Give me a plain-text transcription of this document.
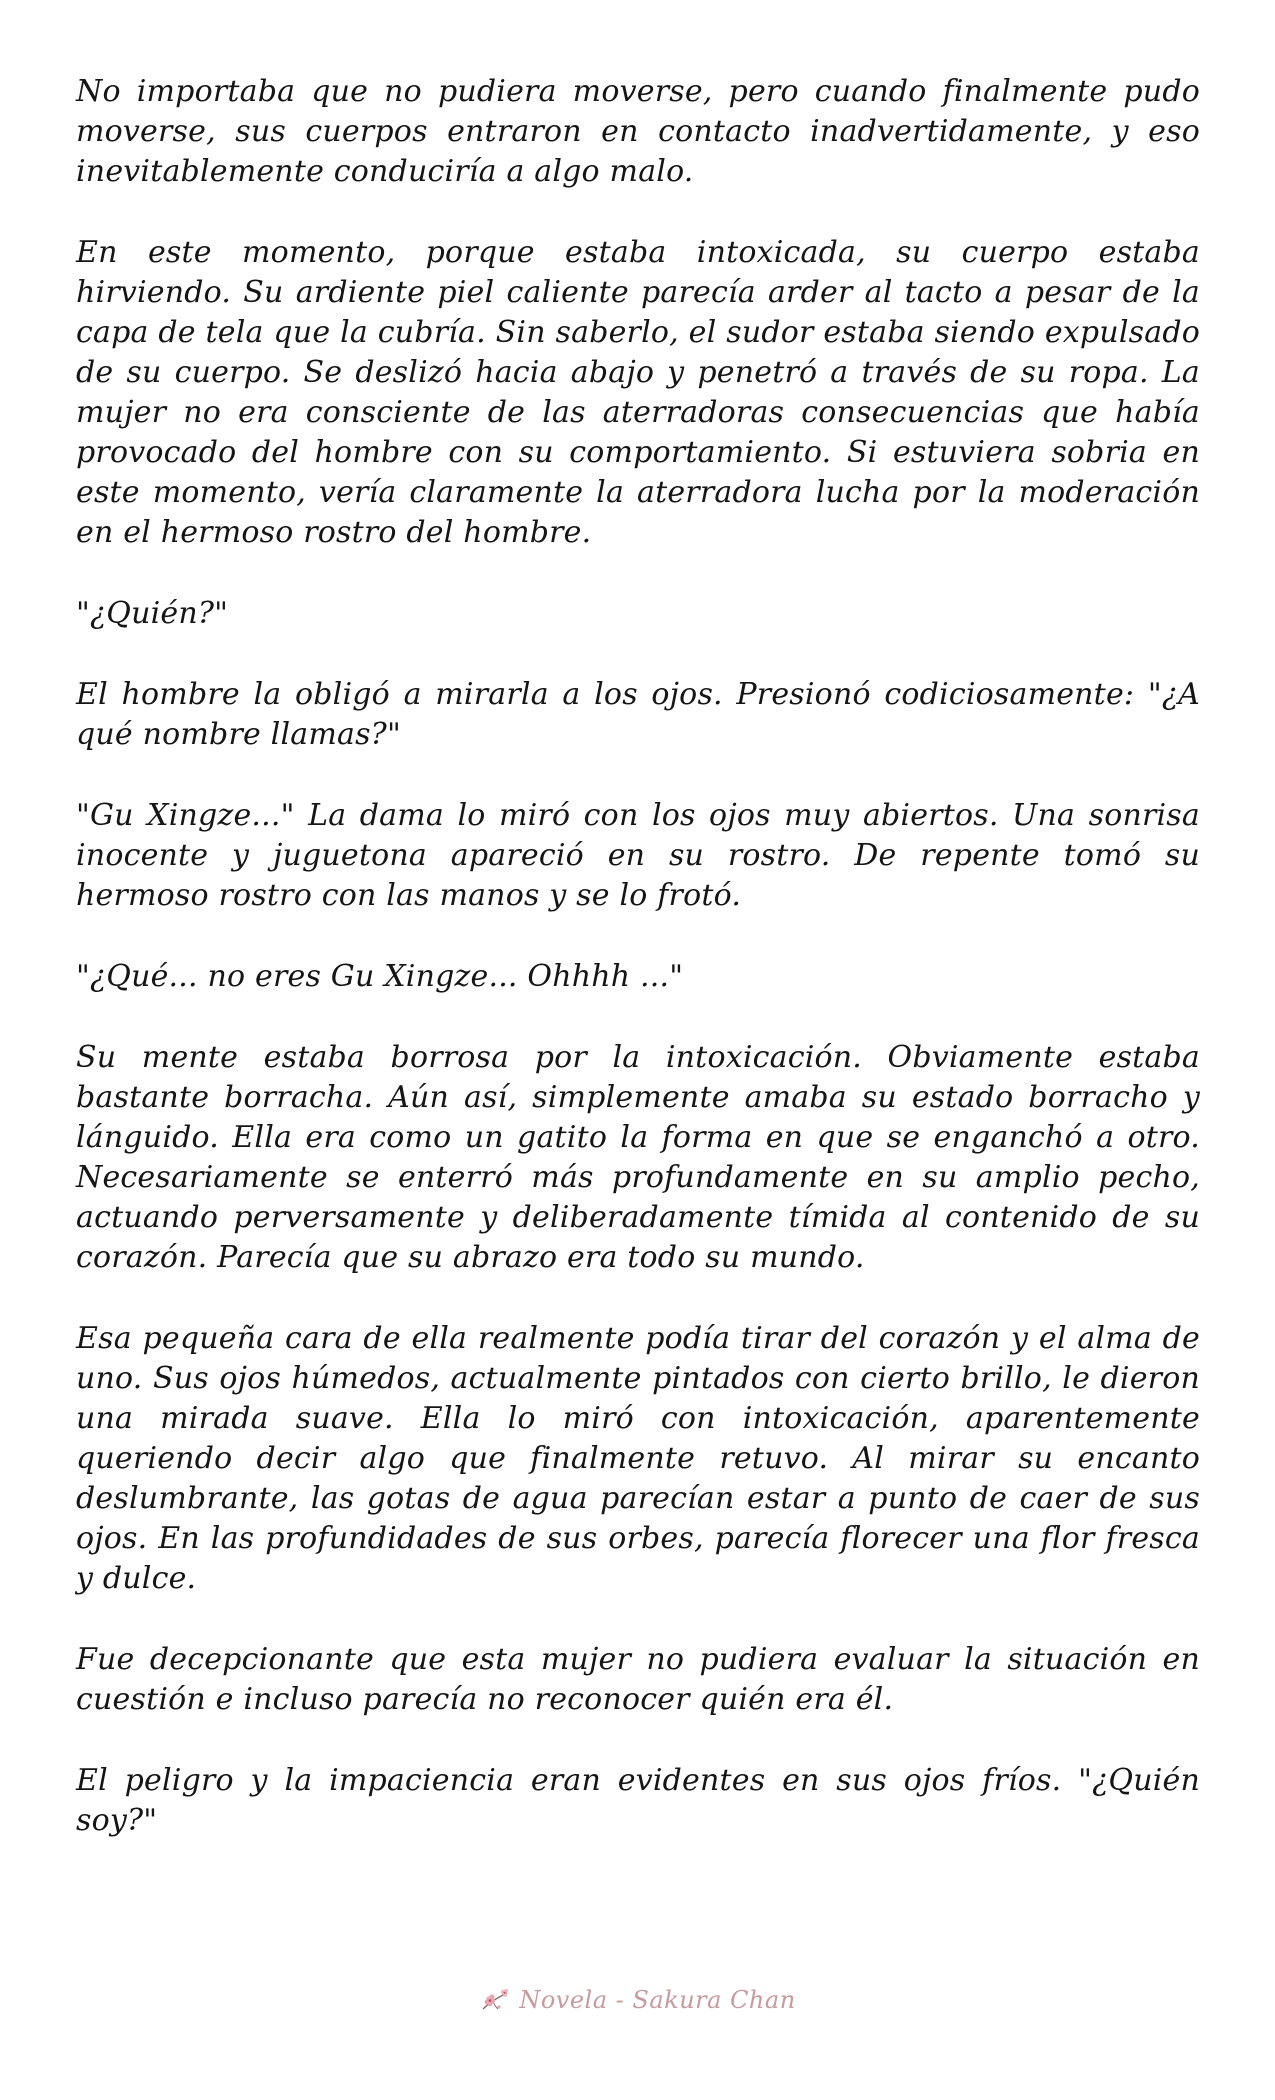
No importaba que no pudiera moverse, pero cuando finalmente pudo moverse, sus cuerpos entraron en contacto inadvertidamente, y eso inevitablemente conduciría a algo malo.

En este momento, porque estaba intoxicada, su cuerpo estaba hirviendo. Su ardiente piel caliente parecía arder al tacto a pesar de la capa de tela que la cubría. Sin saberlo, el sudor estaba siendo expulsado de su cuerpo. Se deslizó hacia abajo y penetró a través de su ropa. La mujer no era consciente de las aterradoras consecuencias que había provocado del hombre con su comportamiento. Si estuviera sobria en este momento, vería claramente la aterradora lucha por la moderación en el hermoso rostro del hombre.

"¿Quién?"

El hombre la obligó a mirarla a los ojos. Presionó codiciosamente: "¿A qué nombre llamas?"

"Gu Xingze..." La dama lo miró con los ojos muy abiertos. Una sonrisa inocente y juguetona apareció en su rostro. De repente tomó su hermoso rostro con las manos y se lo frotó.

"¿Qué... no eres Gu Xingze... Ohhhh ..."

Su mente estaba borrosa por la intoxicación. Obviamente estaba bastante borracha. Aún así, simplemente amaba su estado borracho y lánguido. Ella era como un gatito la forma en que se enganchó a otro. Necesariamente se enterró más profundamente en su amplio pecho, actuando perversamente y deliberadamente tímida al contenido de su corazón. Parecía que su abrazo era todo su mundo.

Esa pequeña cara de ella realmente podía tirar del corazón y el alma de uno. Sus ojos húmedos, actualmente pintados con cierto brillo, le dieron una mirada suave. Ella lo miró con intoxicación, aparentemente queriendo decir algo que finalmente retuvo. Al mirar su encanto deslumbrante, las gotas de agua parecían estar a punto de caer de sus ojos. En las profundidades de sus orbes, parecía florecer una flor fresca y dulce.

Fue decepcionante que esta mujer no pudiera evaluar la situación en cuestión e incluso parecía no reconocer quién era él.

El peligro y la impaciencia eran evidentes en sus ojos fríos. "¿Quién soy?"

Novela - Sakura Chan
